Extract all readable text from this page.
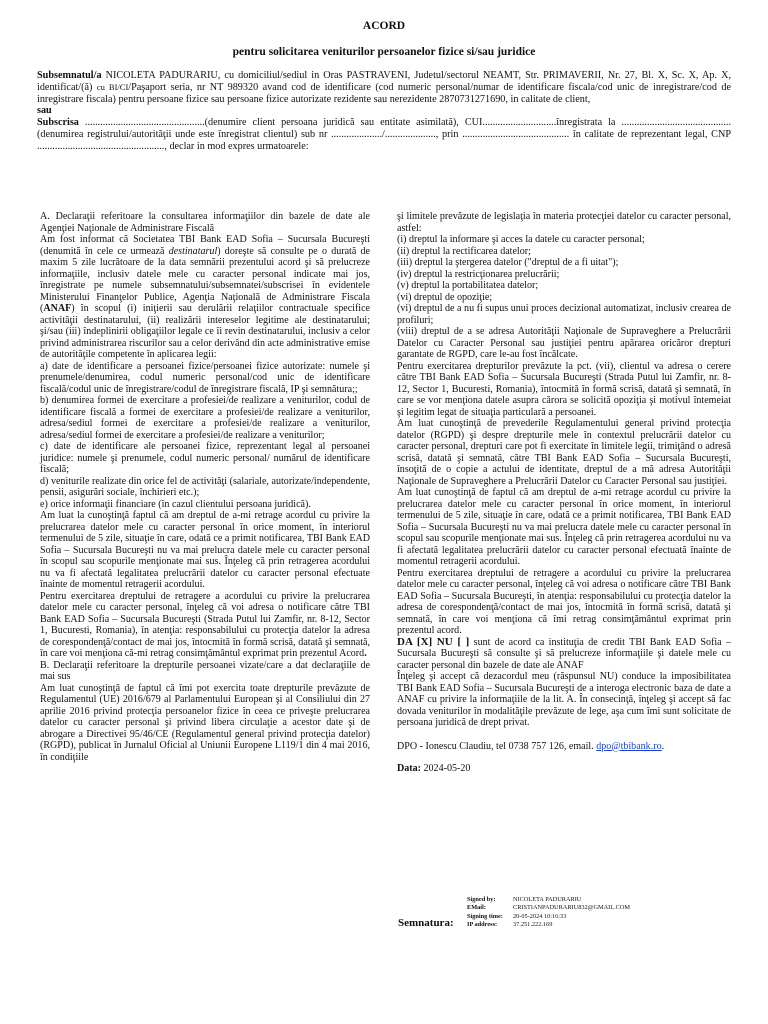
ACORD
pentru solicitarea veniturilor persoanelor fizice si/sau juridice
Subsemnatul/a NICOLETA PADURARIU, cu domiciliul/sediul in Oras PASTRAVENI, Judetul/sectorul NEAMT, Str. PRIMAVERII, Nr. 27, Bl. X, Sc. X, Ap. X, identificat/(ă) cu BI/CI/Paşaport seria, nr NT 989320 avand cod de identificare (cod numeric personal/numar de identificare fiscala/cod unic de inregistrare/cod de inregistrare fiscala) pentru persoane fizice sau persoane fizice autorizate rezidente sau nerezidente 2870731271690, in calitate de client,
sau
Subscrisa ...............................................(denumire client persoana juridică sau entitate asimilată), CUI.............................înregistrata la ........................................... (denumirea registrului/autorităţii unde este înregistrat clientul) sub nr ..................../...................., prin .......................................... în calitate de reprezentant legal, CNP .................................................., declar in mod expres urmatoarele:

A. Declaraţii referitoare la consultarea informaţiilor din bazele de date ale Agenţiei Naţionale de Administrare Fiscală

Am fost informat că Societatea TBI Bank EAD Sofia – Sucursala Bucureşti (denumită în cele ce urmează destinatarul) doreşte să consulte pe o durată de maxim 5 zile lucrătoare de la data semnării prezentului acord şi să prelucreze informaţiile, inclusiv datele mele cu caracter personal indicate mai jos, înregistrate pe numele subsemnatului/subsemnatei/subscrisei în evidentele Ministerului Finanţelor Publice, Agenţia Naţională de Administrare Fiscala (ANAF) în scopul (i) iniţierii sau derulării relaţiilor contractuale specifice activităţii destinatarului, (ii) realizării intereselor legitime ale destinatarului; şi/sau (iii) îndeplinirii obligaţiilor legale ce îi revin destinatarului, inclusiv a celor privind administrarea riscurilor sau a celor derivând din acte administrative emise de autorităţile competente în aplicarea legii:

a) date de identificare a persoanei fizice/persoanei fizice autorizate: numele şi prenumele/denumirea, codul numeric personal/cod unic de identificare fiscală/codul unic de înregistrare/codul de înregistrare fiscală, IP şi semnătura;;

b) denumirea formei de exercitare a profesiei/de realizare a veniturilor, codul de identificare fiscală a formei de exercitare a profesiei/de realizare a veniturilor, adresa/sediul formei de exercitare a profesiei/de realizare a veniturilor, adresa/sediul formei de exercitare a profesiei/de realizare a veniturilor;

c) date de identificare ale persoanei fizice, reprezentant legal al persoanei juridice: numele şi prenumele, codul numeric personal/ numărul de identificare fiscală;

d) veniturile realizate din orice fel de activităţi (salariale, autorizate/independente, pensii, asigurări sociale, închirieri etc.);

e) orice informaţii financiare (în cazul clientului persoana juridică).

Am luat la cunoştinţă faptul că am dreptul de a-mi retrage acordul cu privire la prelucrarea datelor mele cu caracter personal în orice moment, în interiorul termenului de 5 zile, situaţie în care, odată ce a primit notificarea, TBI Bank EAD Sofia – Sucursala Bucureşti nu va mai prelucra datele mele cu caracter personal în scopul sau scopurile menţionate mai sus. Înţeleg că prin retragerea acordului nu va fi afectată legalitatea prelucrării datelor cu caracter personal efectuate înainte de momentul retragerii acordului.

Pentru exercitarea dreptului de retragere a acordului cu privire la prelucrarea datelor mele cu caracter personal, înţeleg că voi adresa o notificare către TBI Bank EAD Sofia – Sucursala Bucureşti (Strada Putul lui Zamfir, nr. 8-12, Sector 1, Bucuresti, Romania), în atenţia: responsabilului cu protecţia datelor la adresa de corespondenţă/contact de mai jos, întocmită în formă scrisă, datată şi semnată, în care voi menţiona că-mi retrag consimţământul exprimat prin prezentul Acord.

B. Declaraţii referitoare la drepturile persoanei vizate/care a dat declaraţiile de mai sus

Am luat cunoştinţă de faptul că îmi pot exercita toate drepturile prevăzute de Regulamentul (UE) 2016/679 al Parlamentului European şi al Consiliului din 27 aprilie 2016 privind protecţia persoanelor fizice în ceea ce priveşte prelucrarea datelor cu caracter personal şi privind libera circulaţie a acestor date şi de abrogare a Directivei 95/46/CE (Regulamentul general privind protecţia datelor) (RGPD), publicat în Jurnalul Oficial al Uniunii Europene L119/1 din 4 mai 2016, în condiţiile

şi limitele prevăzute de legislaţia în materia protecţiei datelor cu caracter personal, astfel:

(i) dreptul la informare şi acces la datele cu caracter personal;

(ii) dreptul la rectificarea datelor;

(iii) dreptul la ştergerea datelor ("dreptul de a fi uitat");

(iv) dreptul la restricţionarea prelucrării;

(v) dreptul la portabilitatea datelor;

(vi) dreptul de opoziţie;

(vi) dreptul de a nu fi supus unui proces decizional automatizat, inclusiv crearea de profiluri;

(viii) dreptul de a se adresa Autorităţii Naţionale de Supraveghere a Prelucrării Datelor cu Caracter Personal sau justiţiei pentru apărarea oricăror drepturi garantate de RGPD, care le-au fost încălcate.

Pentru exercitarea drepturilor prevăzute la pct. (vii), clientul va adresa o cerere către TBI Bank EAD Sofia – Sucursala Bucureşti (Strada Putul lui Zamfir, nr. 8-12, Sector 1, Bucuresti, Romania), întocmită în formă scrisă, datată şi semnată, în care se vor menţiona datele asupra cărora se solicită opoziţia şi motivul întemeiat şi legitim legat de situaţia particulară a persoanei.

Am luat cunoştinţă de prevederile Regulamentului general privind protecţia datelor (RGPD) şi despre drepturile mele în contextul prelucrării datelor cu caracter personal, drepturi care pot fi exercitate în limitele legii, trimiţând o adresă scrisă, datată şi semnată, către TBI Bank EAD Sofia – Sucursala Bucureşti, însoţită de o copie a actului de identitate, dreptul de a mă adresa Autorităţii Naţionale de Supraveghere a Prelucrării Datelor cu Caracter Personal sau justiţiei.

Am luat cunoştinţă de faptul că am dreptul de a-mi retrage acordul cu privire la prelucrarea datelor mele cu caracter personal în orice moment, în interiorul termenului de 5 zile, situaţie în care, odată ce a primit notificarea, TBI Bank EAD Sofia – Sucursala Bucureşti nu va mai prelucra datele mele cu caracter personal în scopul sau scopurile menţionate mai sus. Înţeleg că prin retragerea acordului nu va fi afectată legalitatea prelucrării datelor cu caracter personal efectuată înainte de momentul retragerii acordului.

Pentru exercitarea dreptului de retragere a acordului cu privire la prelucrarea datelor mele cu caracter personal, înţeleg că voi adresa o notificare către TBI Bank EAD Sofia – Sucursala Bucureşti, în atenţia: responsabilului cu protecţia datelor la adresa de corespondenţă/contact de mai jos, întocmită în formă scrisă, datată şi semnată, în care voi menţiona că îmi retrag consimţământul exprimat prin prezentul acord.

DA [X] NU [ ] sunt de acord ca instituţia de credit TBI Bank EAD Sofia – Sucursala Bucureşti să consulte şi să prelucreze informaţiile şi datele mele cu caracter personal din bazele de date ale ANAF

Înţeleg şi accept că dezacordul meu (răspunsul NU) conduce la imposibilitatea TBI Bank EAD Sofia – Sucursala Bucureşti de a interoga electronic baza de date a ANAF cu privire la informaţiile de la lit. A. În consecinţă, înţeleg şi accept să fac dovada veniturilor în modalităţile prevăzute de lege, aşa cum îmi sunt solicitate de persoana juridică de drept privat.

DPO - Ionescu Claudiu, tel 0738 757 126, email. dpo@tbibank.ro.

Data: 2024-05-20

Semnatura:
Signed by:	NICOLETA PADURARIU
EMail:	CRISTIANPADURARIU832@GMAIL.COM
Signing time:	20-05-2024 10:16:33
IP address:	37.251.222.169
